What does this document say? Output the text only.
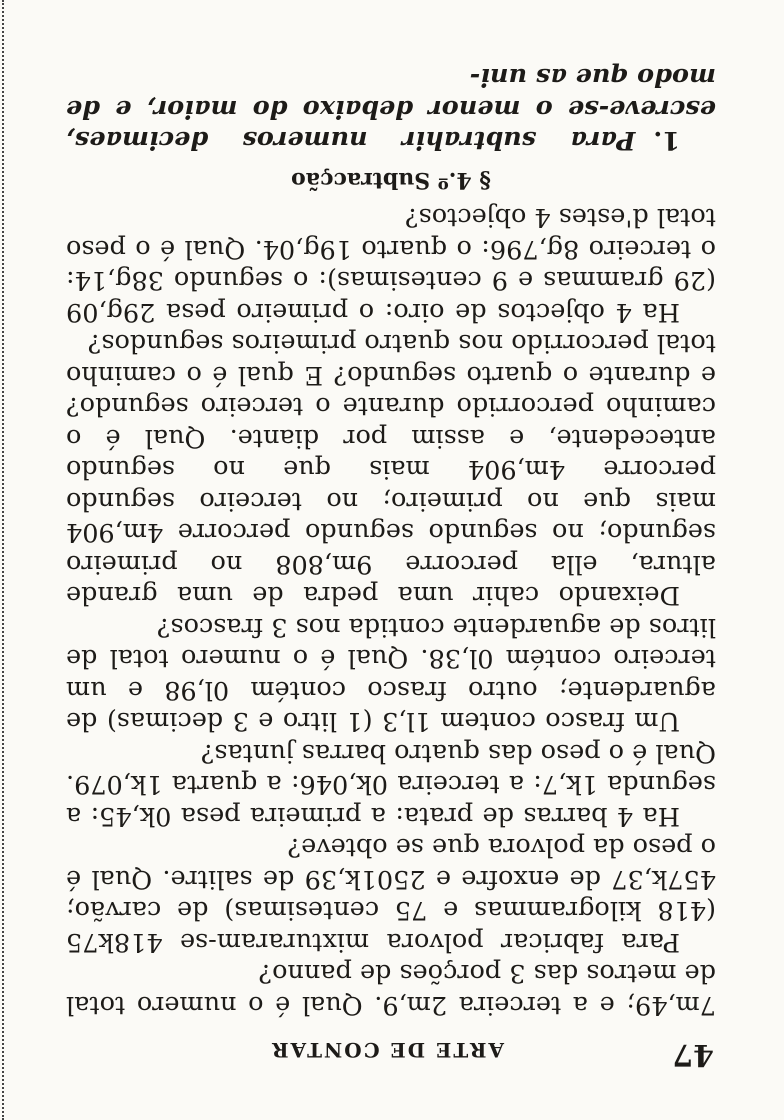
47
ARTE DE CONTAR

7m,49; e a terceira 2m,9. Qual é o numero total de metros das 3 porções de panno?

Para fabricar polvora mixturaram-se 418k75 (418 kilogrammas e 75 centesimas) de carvão; 457k,37 de enxofre e 2501k,39 de salitre. Qual é o peso da polvora que se obteve?

Ha 4 barras de prata: a primeira pesa 0k,45: a segunda 1k,7: a terceira 0k,046: a quarta 1k,079. Qual é o peso das quatro barras juntas?

Um frasco contem 1l,3 (1 litro e 3 decimas) de aguardente; outro frasco contém 0l,98 e um terceiro contém 0l,38. Qual é o numero total de litros de aguardente contida nos 3 frascos?

Deixando cahir uma pedra de uma grande altura, ella percorre 9m,808 no primeiro segundo; no segundo segundo percorre 4m,904 mais que no primeiro; no terceiro segundo percorre 4m,904 mais que no segundo antecedente, e assim por diante. Qual é o caminho percorrido durante o terceiro segundo? e durante o quarto segundo? E qual é o caminho total percorrido nos quatro primeiros segundos?

Ha 4 objectos de oiro: o primeiro pesa 29g,09 (29 grammas e 9 centesimas): o segundo 38g,14: o terceiro 8g,796: o quarto 19g,04. Qual é o peso total d'estes 4 objectos?

§ 4.º Subtracção

1.Para subtrahir numeros decimaes, escreve-se o menor debaixo do maior, e de modo que as uni-
